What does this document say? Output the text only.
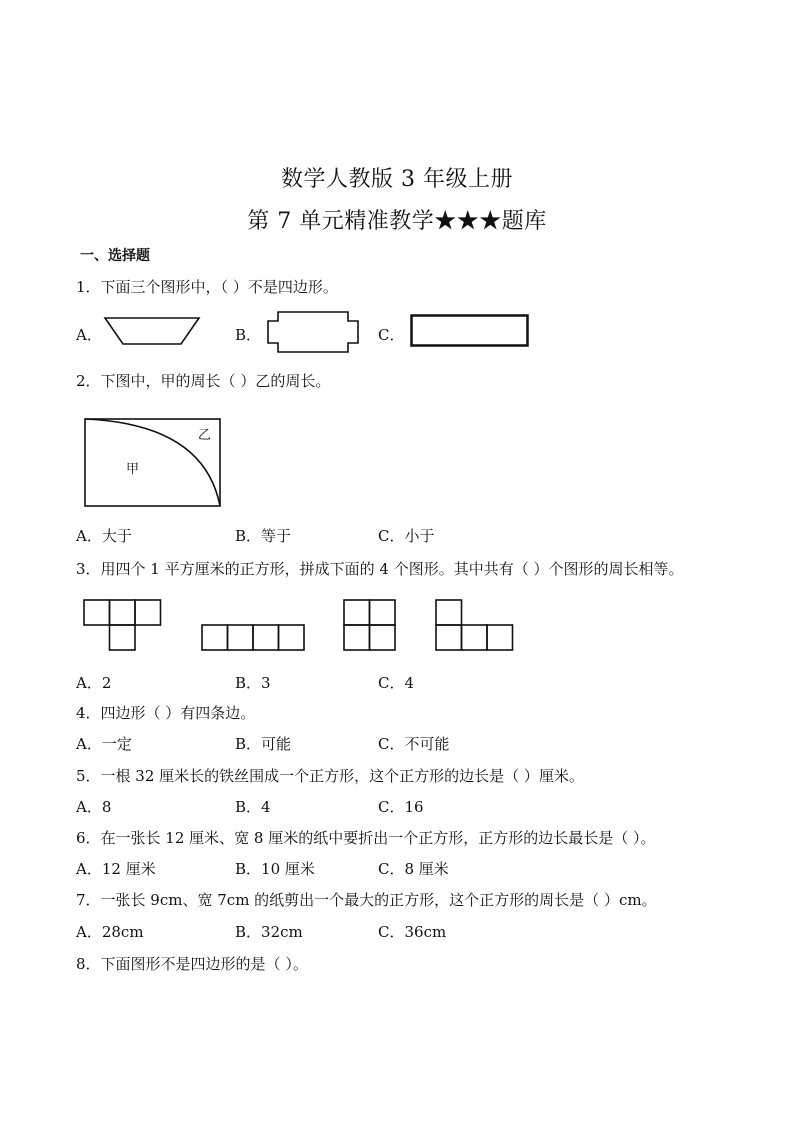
数学人教版 3 年级上册
第 7 单元精准教学★★★题库
一、选择题
1．下面三个图形中，（ ）不是四边形。
A．	B．	C．
2．下图中，甲的周长（ ）乙的周长。
甲
乙
A．大于	B．等于	C．小于
3．用四个 1 平方厘米的正方形，拼成下面的 4 个图形。其中共有（ ）个图形的周长相等。
A．2	B．3	C．4
4．四边形（ ）有四条边。
A．一定	B．可能	C．不可能
5．一根 32 厘米长的铁丝围成一个正方形，这个正方形的边长是（ ）厘米。
A．8	B．4	C．16
6．在一张长 12 厘米、宽 8 厘米的纸中要折出一个正方形，正方形的边长最长是（ ）。
A．12 厘米	B．10 厘米	C．8 厘米
7．一张长 9cm、宽 7cm 的纸剪出一个最大的正方形，这个正方形的周长是（ ）cm。
A．28cm	B．32cm	C．36cm
8．下面图形不是四边形的是（ ）。
